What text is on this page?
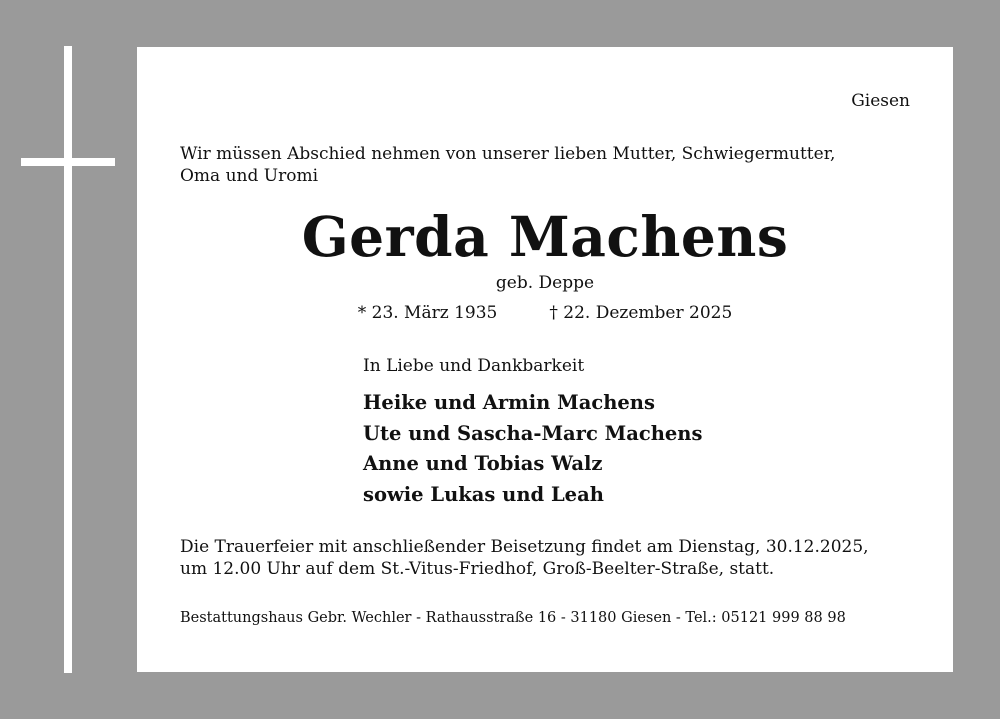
Giesen
Wir müssen Abschied nehmen von unserer lieben Mutter, Schwiegermutter,
Oma und Uromi
Gerda Machens
geb. Deppe
* 23. März 1935	† 22. Dezember 2025
In Liebe und Dankbarkeit
Heike und Armin Machens
Ute und Sascha-Marc Machens
Anne und Tobias Walz
sowie Lukas und Leah
Die Trauerfeier mit anschließender Beisetzung findet am Dienstag, 30.12.2025,
um 12.00 Uhr auf dem St.-Vitus-Friedhof, Groß-Beelter-Straße, statt.
Bestattungshaus Gebr. Wechler - Rathausstraße 16 - 31180 Giesen - Tel.: 05121 999 88 98
